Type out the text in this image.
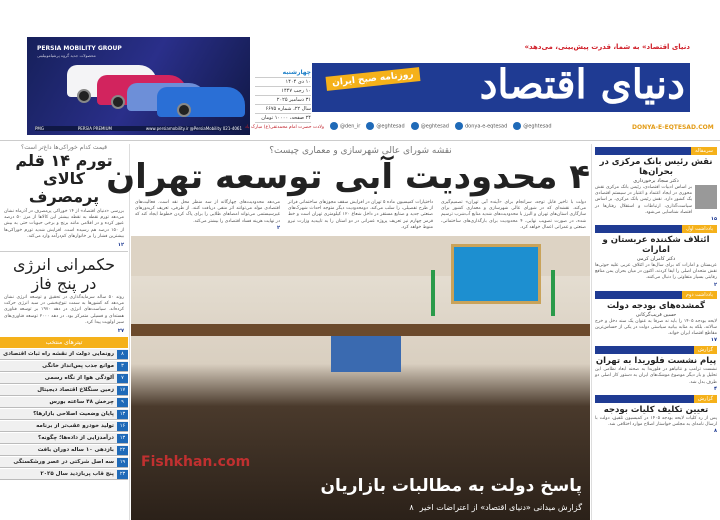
PERSIA MOBILITY GROUP
محصولات جدید گروه پرشیاموبیلیتی
PMG	PERSIA PREMIUM	www.persiamobility.ir @PersiaMobility 021-4061
«دنیای اقتصاد» به شما، قدرت پیش‌بینی، می‌دهد
دنیای اقتصاد
روزنامه صبح ایران
چهارشنبه
۱۰ دی ۱۴۰۴
۱۰ رجب ۱۴۴۷
۳۱ دسامبر ۲۰۲۵
سال ۲۲، شماره ۶۶۷۵
۲۴ صفحه، ۱۰۰۰۰ تومان
ولادت حضرت امام محمدتقی(ع) مبارک باد	@den_ir	@eghtesad	@eghtesad	donya-e-eqtesad	@eghtesad	DONYA-E-EQTESAD.COM
قیمت کدام خوراکی‌ها داغ‌تر است؟
تورم ۱۴ قلم کالای پرمصرف
بررسی «دنیای اقتصاد» از ۱۴ خوراکی پرمصرف در آذرماه نشان می‌دهد تورم نقطه به نقطه بیشتر این کالاها از مرز ۵۰ درصد عبور کرده و در اقلامی مانند برنج و برخی حبوبات حتی به بیش از ۱۵۰ درصد هم رسیده است. افزایش شدید تورم خوراکی‌ها بیشترین فشار را بر خانوارهای کم‌درآمد وارد می‌کند.
۱۲
حکمرانی انرژی در پنج فاز
روند ۵۰ ساله سرمایه‌گذاری در تحقیق و توسعه انرژی نشان می‌دهد که کشورها به سمت تنوع‌بخشی در سبد انرژی حرکت کرده‌اند. سیاست‌های انرژی در دهه ۱۹۷۰ بر توسعه فناوری هسته‌ای و فسیلی متمرکز بود. در دهه ۲۰۰۰ توسعه فناوری‌های سبز اولویت پیدا کرد.
۲۷
تیترهای منتخب
۸
رونمایی دولت از نقشه راه ثبات اقتصادی
۳
موانع جذب پس‌انداز خانگی
۷
آلودگی هوا از نگاه رسمی
۱۷
زمین سنگلاخ اقتصاد دیجیتال
۹
چرخش ۴۸ ساعته بورس
۱۳
پایان وضعیت اصلاحی بازارها؟
۱۶
تولید خودرو عقب‌تر از برنامه
۱۳
درآمدزایی از داده‌ها؛ چگونه؟
۲۲
بازدهی ۱۰ ساله دوران بافت
۱۹
سه اصل شرکتی در عصر ورشکستگی
۲۳
پنج قاب پربازدید سال ۲۰۲۵
نقشه شورای عالی شهرسازی و معماری چیست؟
۴ محدودیت آبی توسعه تهران
دولت با تاخیر قابل توجه، سرانجام برای «آینده آبی تهران» تصمیم‌گیری می‌کند. نقشه‌ای که در شورای عالی شهرسازی و معماری کشور برای سازگاری استان‌های تهران و البرز با محدودیت‌های شدید منابع آب‌شرب ترسیم شده، در صورت تصویب نهایی، ۴ محدودیت برای بارگذاری‌های ساختمانی، صنعتی و عمرانی اعمال خواهد کرد.
داختیارات کمیسیون ماده ۵ تهران در افزایش سقف مجوزهای ساختمانی فراتر از طرح تفصیلی، را سلب می‌کند. دومحدودیت دیگر متوجه احداث شهرک‌های صنعتی جدید و صنایع مستقر در داخل شعاع ۱۲۰ کیلومتری تهران است و خط قرمز چهارم نیز تعریف پروژه عمرانی در دو استان را به تاییدیه وزارت نیرو منوط خواهد کرد.
می‌دهد محدودیت‌های چهارگانه از سه منظر محل نقد است. فعالیت‌های اقتصادی مولد می‌توانند اثر منفی دریافت کنند. از طرفی، تعریف کریدورهای غیرسیستمی می‌تواند امضاهای طلایی را برای پاک کردن خطوط ایجاد کند که در نهایت هزینه فساد اقتصادی را بیشتر می‌کند.
۲
Fishkhan.com
پاسخ دولت به مطالبات بازاریان
گزارش میدانی «دنیای اقتصاد» از اعتراضات اخیر
۸
سرمقاله
نقش رئیس بانک مرکزی در بحران‌ها
دکتر سجاد برخورداری
بر اساس ادبیات اقتصادی، رئیس بانک مرکزی نقش محوری در ایجاد اعتماد و اعتبار در سیستم اقتصادی یک کشور دارد. نقش رئیس بانک مرکزی، بر اساس سیاست‌گذاری، ارتباطات و استقلال رفتارها در اقتصاد شناسایی می‌شود.
۱۵
یادداشت اول
ائتلاف شکننده عربستان و امارات
دکتر کامران کرمی
عربستان و امارات که برای سال‌ها در ائتلاف عربی علیه حوثی‌ها نقش متحدان اصلی را ایفا کردند، اکنون در میان بحران یمن منافع رقابتی بسیار متفاوتی را دنبال می‌کنند.
۲
یادداشت دوم
گمشده‌های بودجه دولت
حسین قریب‌گرکانی
لایحه بودجه ۱۴۰۵ را باید نه صرفا به عنوان یک سند دخل و خرج سالانه، بلکه به مثابه بیانیه سیاستی دولت در یکی از حساس‌ترین مقاطع اقتصاد ایران خواند.
۱۷
گزارش
پیام نشست فلوریدا به تهران
نشست ترامپ و نتانیاهو در فلوریدا به صحنه ابعاد نظامی این تحلیل و بار دیگر موضوع موشک‌های ایران به دستور کار اصلی دو طرف بدل شد.
۴
گزارش
تعیین تکلیف کلیات بودجه
پس از رد کلیات لایحه بودجه ۱۴۰۵ در کمیسیون تلفیق، دولت با ارسال نامه‌ای به مجلس خواستار اصلاح موارد اختلافی شد.
۸
